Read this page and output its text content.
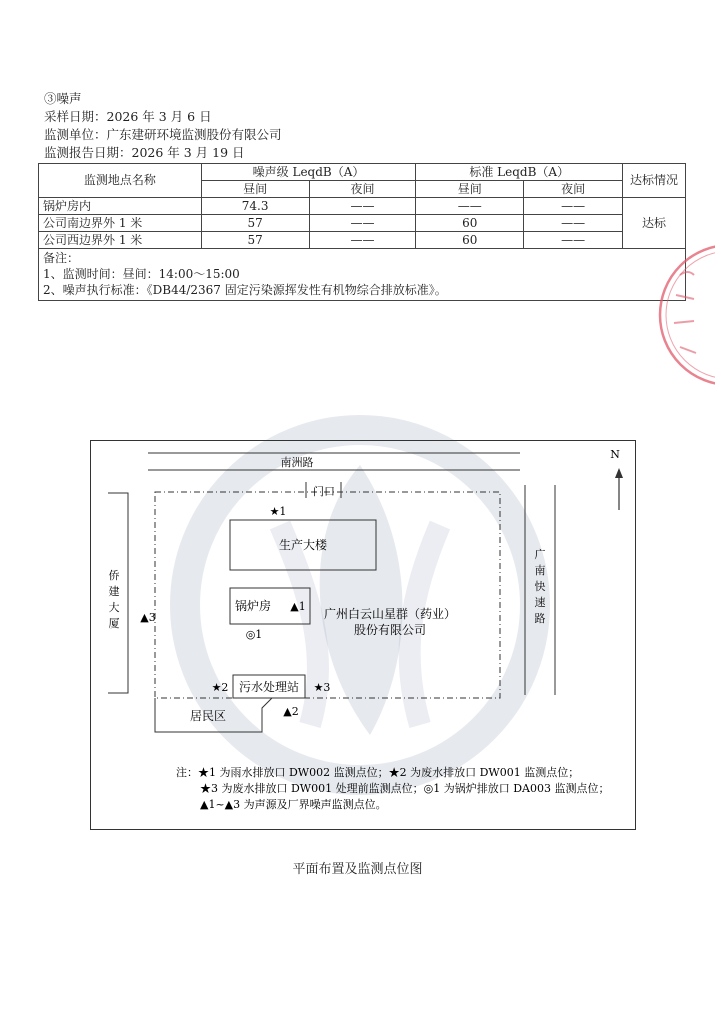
③噪声
采样日期：2026 年 3 月 6 日
监测单位：广东建研环境监测股份有限公司
监测报告日期：2026 年 3 月 19 日
监测地点名称	噪声级 LeqdB（A）		标准 LeqdB（A）		达标情况
	昼间	夜间	昼间	夜间	
锅炉房内	74.3	——	——	——	达标
公司南边界外 1 米	57	——	60	——	
公司西边界外 1 米	57	——	60	——	

备注：
1、监测时间：昼间：14:00～15:00
2、噪声执行标准：《DB44/2367 固定污染源挥发性有机物综合排放标准》。					
N
南洲路
广
南
快
速
路
侨
建
大
厦 ▲3
门口
★1
生产大楼
锅炉房 ▲1
◎1
广州白云山星群（药业）
股份有限公司
污水处理站
★2	★3
居民区	▲2
注：★1 为雨水排放口 DW002 监测点位；★2 为废水排放口 DW001 监测点位；
★3 为废水排放口 DW001 处理前监测点位；◎1 为锅炉排放口 DA003 监测点位；
▲1~▲3 为声源及厂界噪声监测点位。
平面布置及监测点位图
